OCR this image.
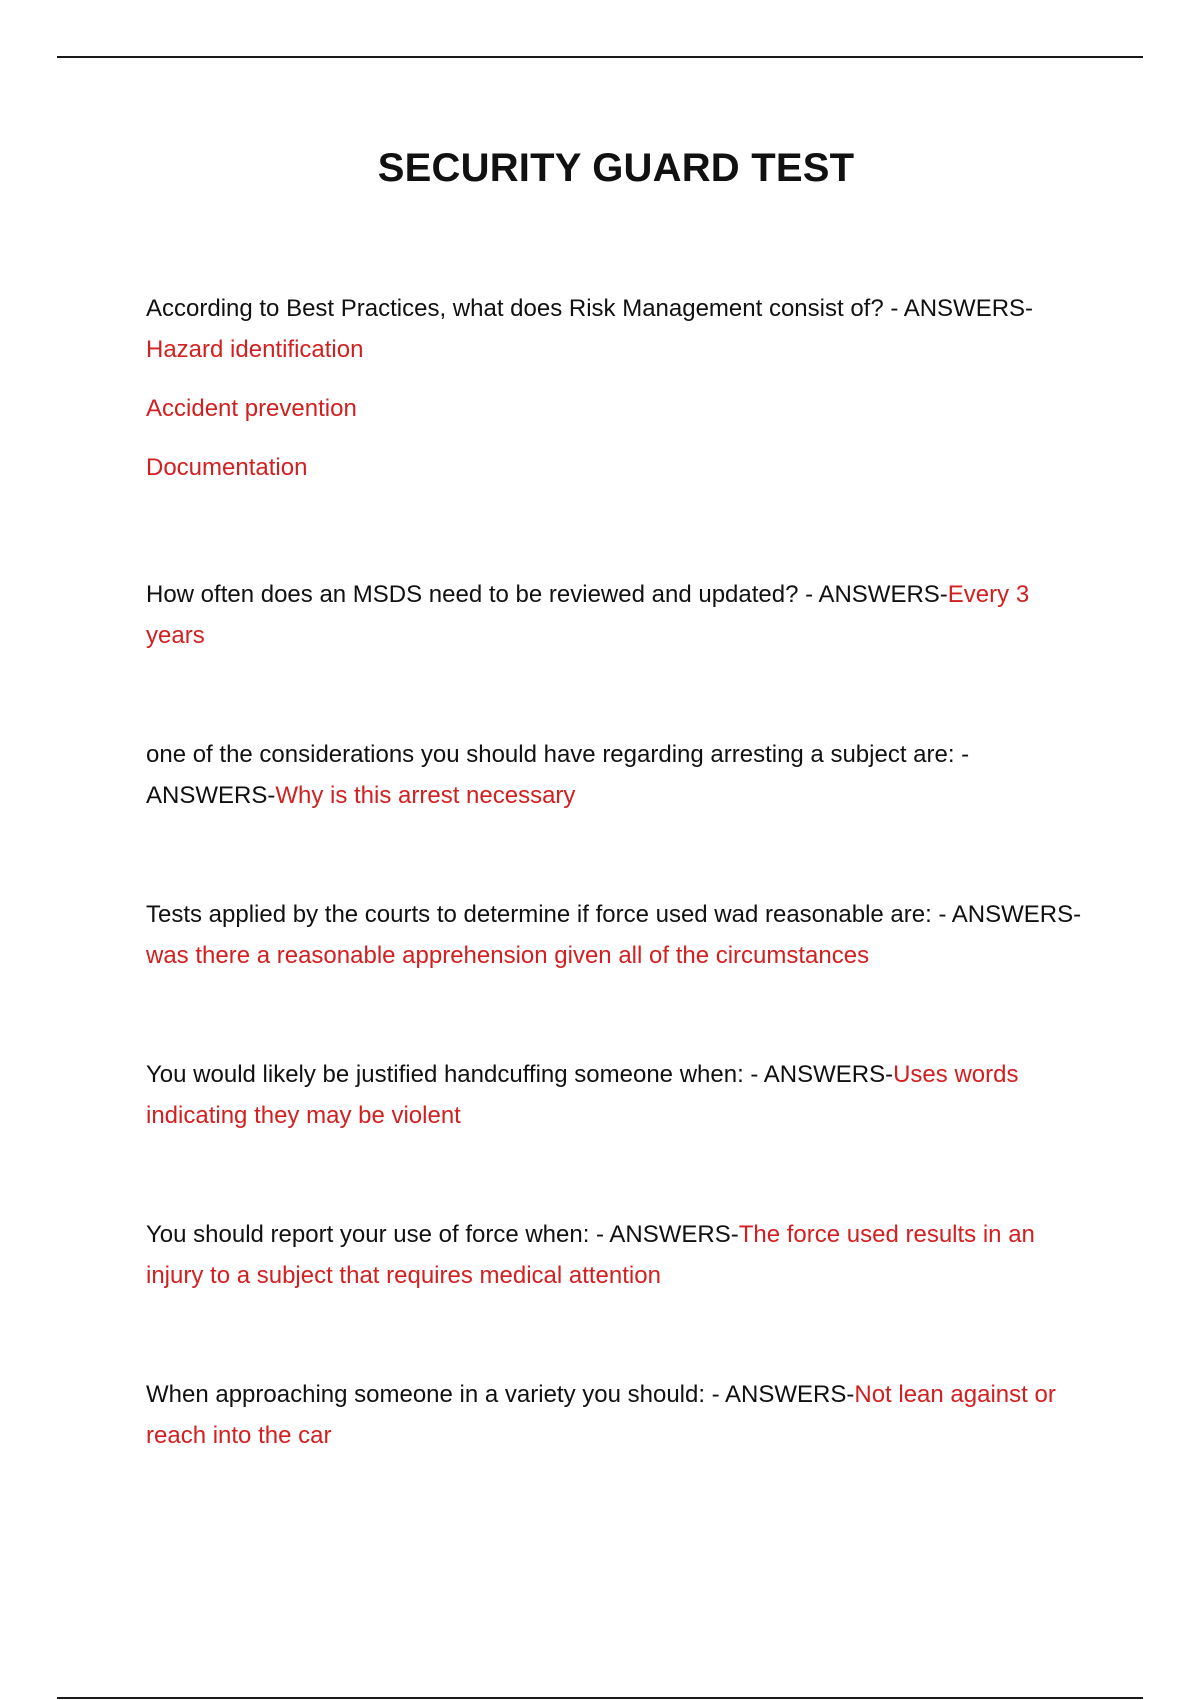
SECURITY GUARD TEST
According to Best Practices, what does Risk Management consist of? - ANSWERS-
Hazard identification
Accident prevention
Documentation
How often does an MSDS need to be reviewed and updated? - ANSWERS-Every 3 years
one of the considerations you should have regarding arresting a subject are: - ANSWERS-Why is this arrest necessary
Tests applied by the courts to determine if force used wad reasonable are: - ANSWERS-was there a reasonable apprehension given all of the circumstances
You would likely be justified handcuffing someone when: - ANSWERS-Uses words indicating they may be violent
You should report your use of force when: - ANSWERS-The force used results in an injury to a subject that requires medical attention
When approaching someone in a variety you should: - ANSWERS-Not lean against or reach into the car
